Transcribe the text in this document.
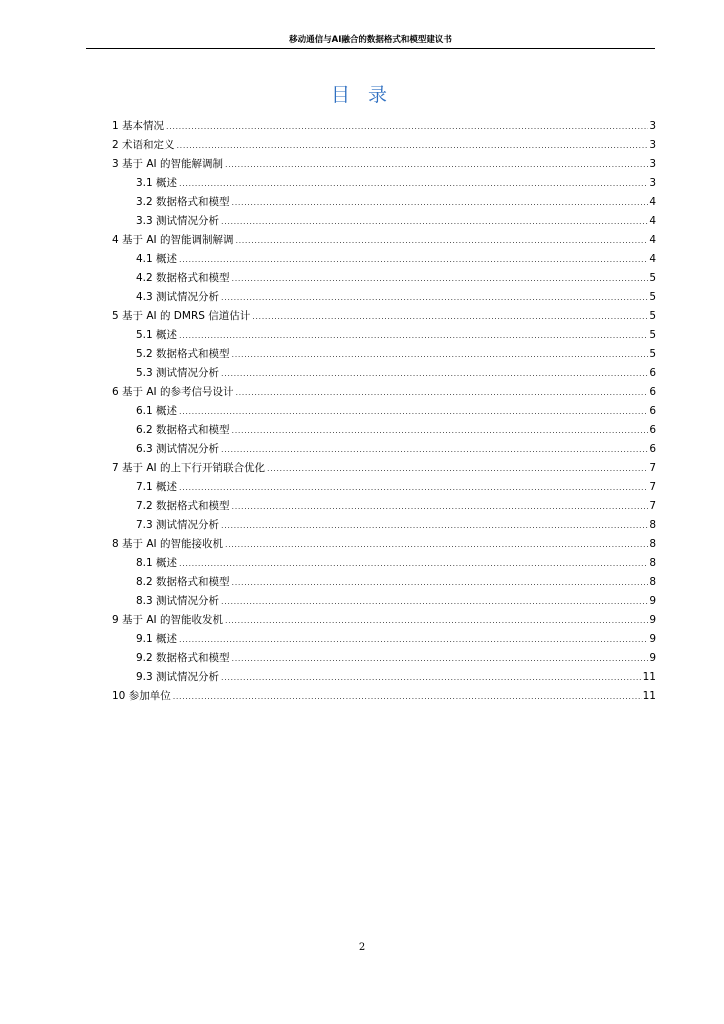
移动通信与AI融合的数据格式和模型建议书
目 录
1 基本情况 .....	3
2 术语和定义 .....	3
3 基于 AI 的智能解调制 .....	3
3.1 概述 .....	3
3.2 数据格式和模型 .....	4
3.3 测试情况分析 .....	4
4 基于 AI 的智能调制解调 .....	4
4.1 概述 .....	4
4.2 数据格式和模型 .....	5
4.3 测试情况分析 .....	5
5 基于 AI 的 DMRS 信道估计 .....	5
5.1 概述 .....	5
5.2 数据格式和模型 .....	5
5.3 测试情况分析 .....	6
6 基于 AI 的参考信号设计 .....	6
6.1 概述 .....	6
6.2 数据格式和模型 .....	6
6.3 测试情况分析 .....	6
7 基于 AI 的上下行开销联合优化 .....	7
7.1 概述 .....	7
7.2 数据格式和模型 .....	7
7.3 测试情况分析 .....	8
8 基于 AI 的智能接收机 .....	8
8.1 概述 .....	8
8.2 数据格式和模型 .....	8
8.3 测试情况分析 .....	9
9 基于 AI 的智能收发机 .....	9
9.1 概述 .....	9
9.2 数据格式和模型 .....	9
9.3 测试情况分析 .....	11
10 参加单位 .....	11
2
